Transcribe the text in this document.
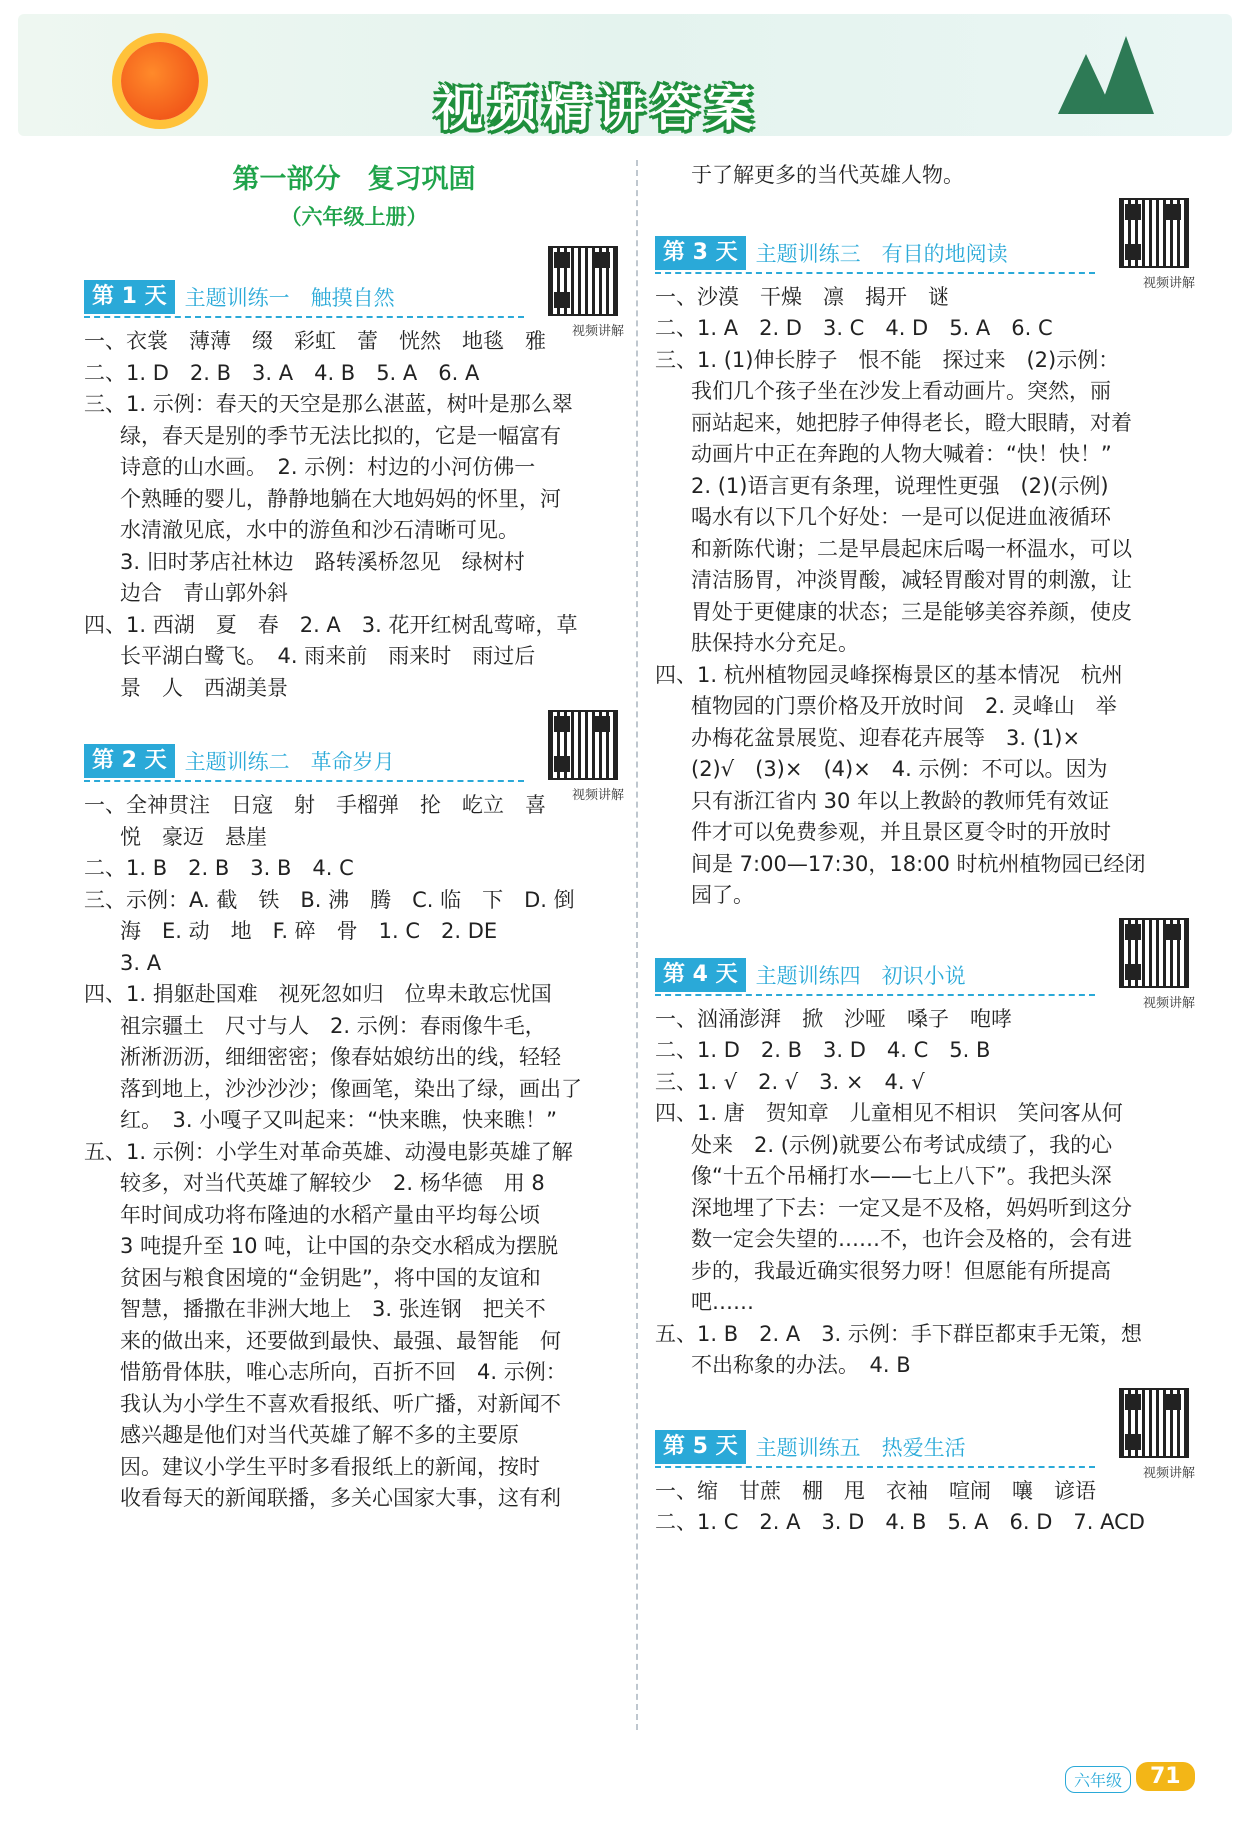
视频精讲答案
第一部分　复习巩固
（六年级上册）
第 1 天 主题训练一　触摸自然
视频讲解

一、衣裳　薄薄　缀　彩虹　蕾　恍然　地毯　雅

二、1. D　2. B　3. A　4. B　5. A　6. A

三、1. 示例：春天的天空是那么湛蓝，树叶是那么翠

绿，春天是别的季节无法比拟的，它是一幅富有

诗意的山水画。　2. 示例：村边的小河仿佛一

个熟睡的婴儿，静静地躺在大地妈妈的怀里，河

水清澈见底，水中的游鱼和沙石清晰可见。

3. 旧时茅店社林边　路转溪桥忽见　绿树村

边合　青山郭外斜

四、1. 西湖　夏　春　2. A　3. 花开红树乱莺啼，草

长平湖白鹭飞。　4. 雨来前　雨来时　雨过后

景　人　西湖美景

第 2 天 主题训练二　革命岁月
视频讲解

一、全神贯注　日寇　射　手榴弹　抡　屹立　喜

悦　豪迈　悬崖

二、1. B　2. B　3. B　4. C

三、示例：A. 截　铁　B. 沸　腾　C. 临　下　D. 倒

海　E. 动　地　F. 碎　骨　1. C　2. DE

3. A

四、1. 捐躯赴国难　视死忽如归　位卑未敢忘忧国

祖宗疆土　尺寸与人　2. 示例：春雨像牛毛，

淅淅沥沥，细细密密；像春姑娘纺出的线，轻轻

落到地上，沙沙沙沙；像画笔，染出了绿，画出了

红。　3. 小嘎子又叫起来：“快来瞧，快来瞧！”

五、1. 示例：小学生对革命英雄、动漫电影英雄了解

较多，对当代英雄了解较少　2. 杨华德　用 8

年时间成功将布隆迪的水稻产量由平均每公顷

3 吨提升至 10 吨，让中国的杂交水稻成为摆脱

贫困与粮食困境的“金钥匙”，将中国的友谊和

智慧，播撒在非洲大地上　3. 张连钢　把关不

来的做出来，还要做到最快、最强、最智能　何

惜筋骨体肤，唯心志所向，百折不回　4. 示例：

我认为小学生不喜欢看报纸、听广播，对新闻不

感兴趣是他们对当代英雄了解不多的主要原

因。建议小学生平时多看报纸上的新闻，按时

收看每天的新闻联播，多关心国家大事，这有利

于了解更多的当代英雄人物。

第 3 天 主题训练三　有目的地阅读
视频讲解

一、沙漠　干燥　凛　揭开　谜

二、1. A　2. D　3. C　4. D　5. A　6. C

三、1. (1)伸长脖子　恨不能　探过来　(2)示例：

我们几个孩子坐在沙发上看动画片。突然，丽

丽站起来，她把脖子伸得老长，瞪大眼睛，对着

动画片中正在奔跑的人物大喊着：“快！快！”

2. (1)语言更有条理，说理性更强　(2)(示例)

喝水有以下几个好处：一是可以促进血液循环

和新陈代谢；二是早晨起床后喝一杯温水，可以

清洁肠胃，冲淡胃酸，减轻胃酸对胃的刺激，让

胃处于更健康的状态；三是能够美容养颜，使皮

肤保持水分充足。

四、1. 杭州植物园灵峰探梅景区的基本情况　杭州

植物园的门票价格及开放时间　2. 灵峰山　举

办梅花盆景展览、迎春花卉展等　3. (1)×

(2)√　(3)×　(4)×　4. 示例：不可以。因为

只有浙江省内 30 年以上教龄的教师凭有效证

件才可以免费参观，并且景区夏令时的开放时

间是 7:00—17:30，18:00 时杭州植物园已经闭

园了。

第 4 天 主题训练四　初识小说
视频讲解

一、汹涌澎湃　掀　沙哑　嗓子　咆哮

二、1. D　2. B　3. D　4. C　5. B

三、1. √　2. √　3. ×　4. √

四、1. 唐　贺知章　儿童相见不相识　笑问客从何

处来　2. (示例)就要公布考试成绩了，我的心

像“十五个吊桶打水——七上八下”。我把头深

深地埋了下去：一定又是不及格，妈妈听到这分

数一定会失望的……不，也许会及格的，会有进

步的，我最近确实很努力呀！但愿能有所提高

吧……

五、1. B　2. A　3. 示例：手下群臣都束手无策，想

不出称象的办法。　4. B

第 5 天 主题训练五　热爱生活
视频讲解

一、缩　甘蔗　棚　甩　衣袖　喧闹　嚷　谚语

二、1. C　2. A　3. D　4. B　5. A　6. D　7. ACD

六年级	71
